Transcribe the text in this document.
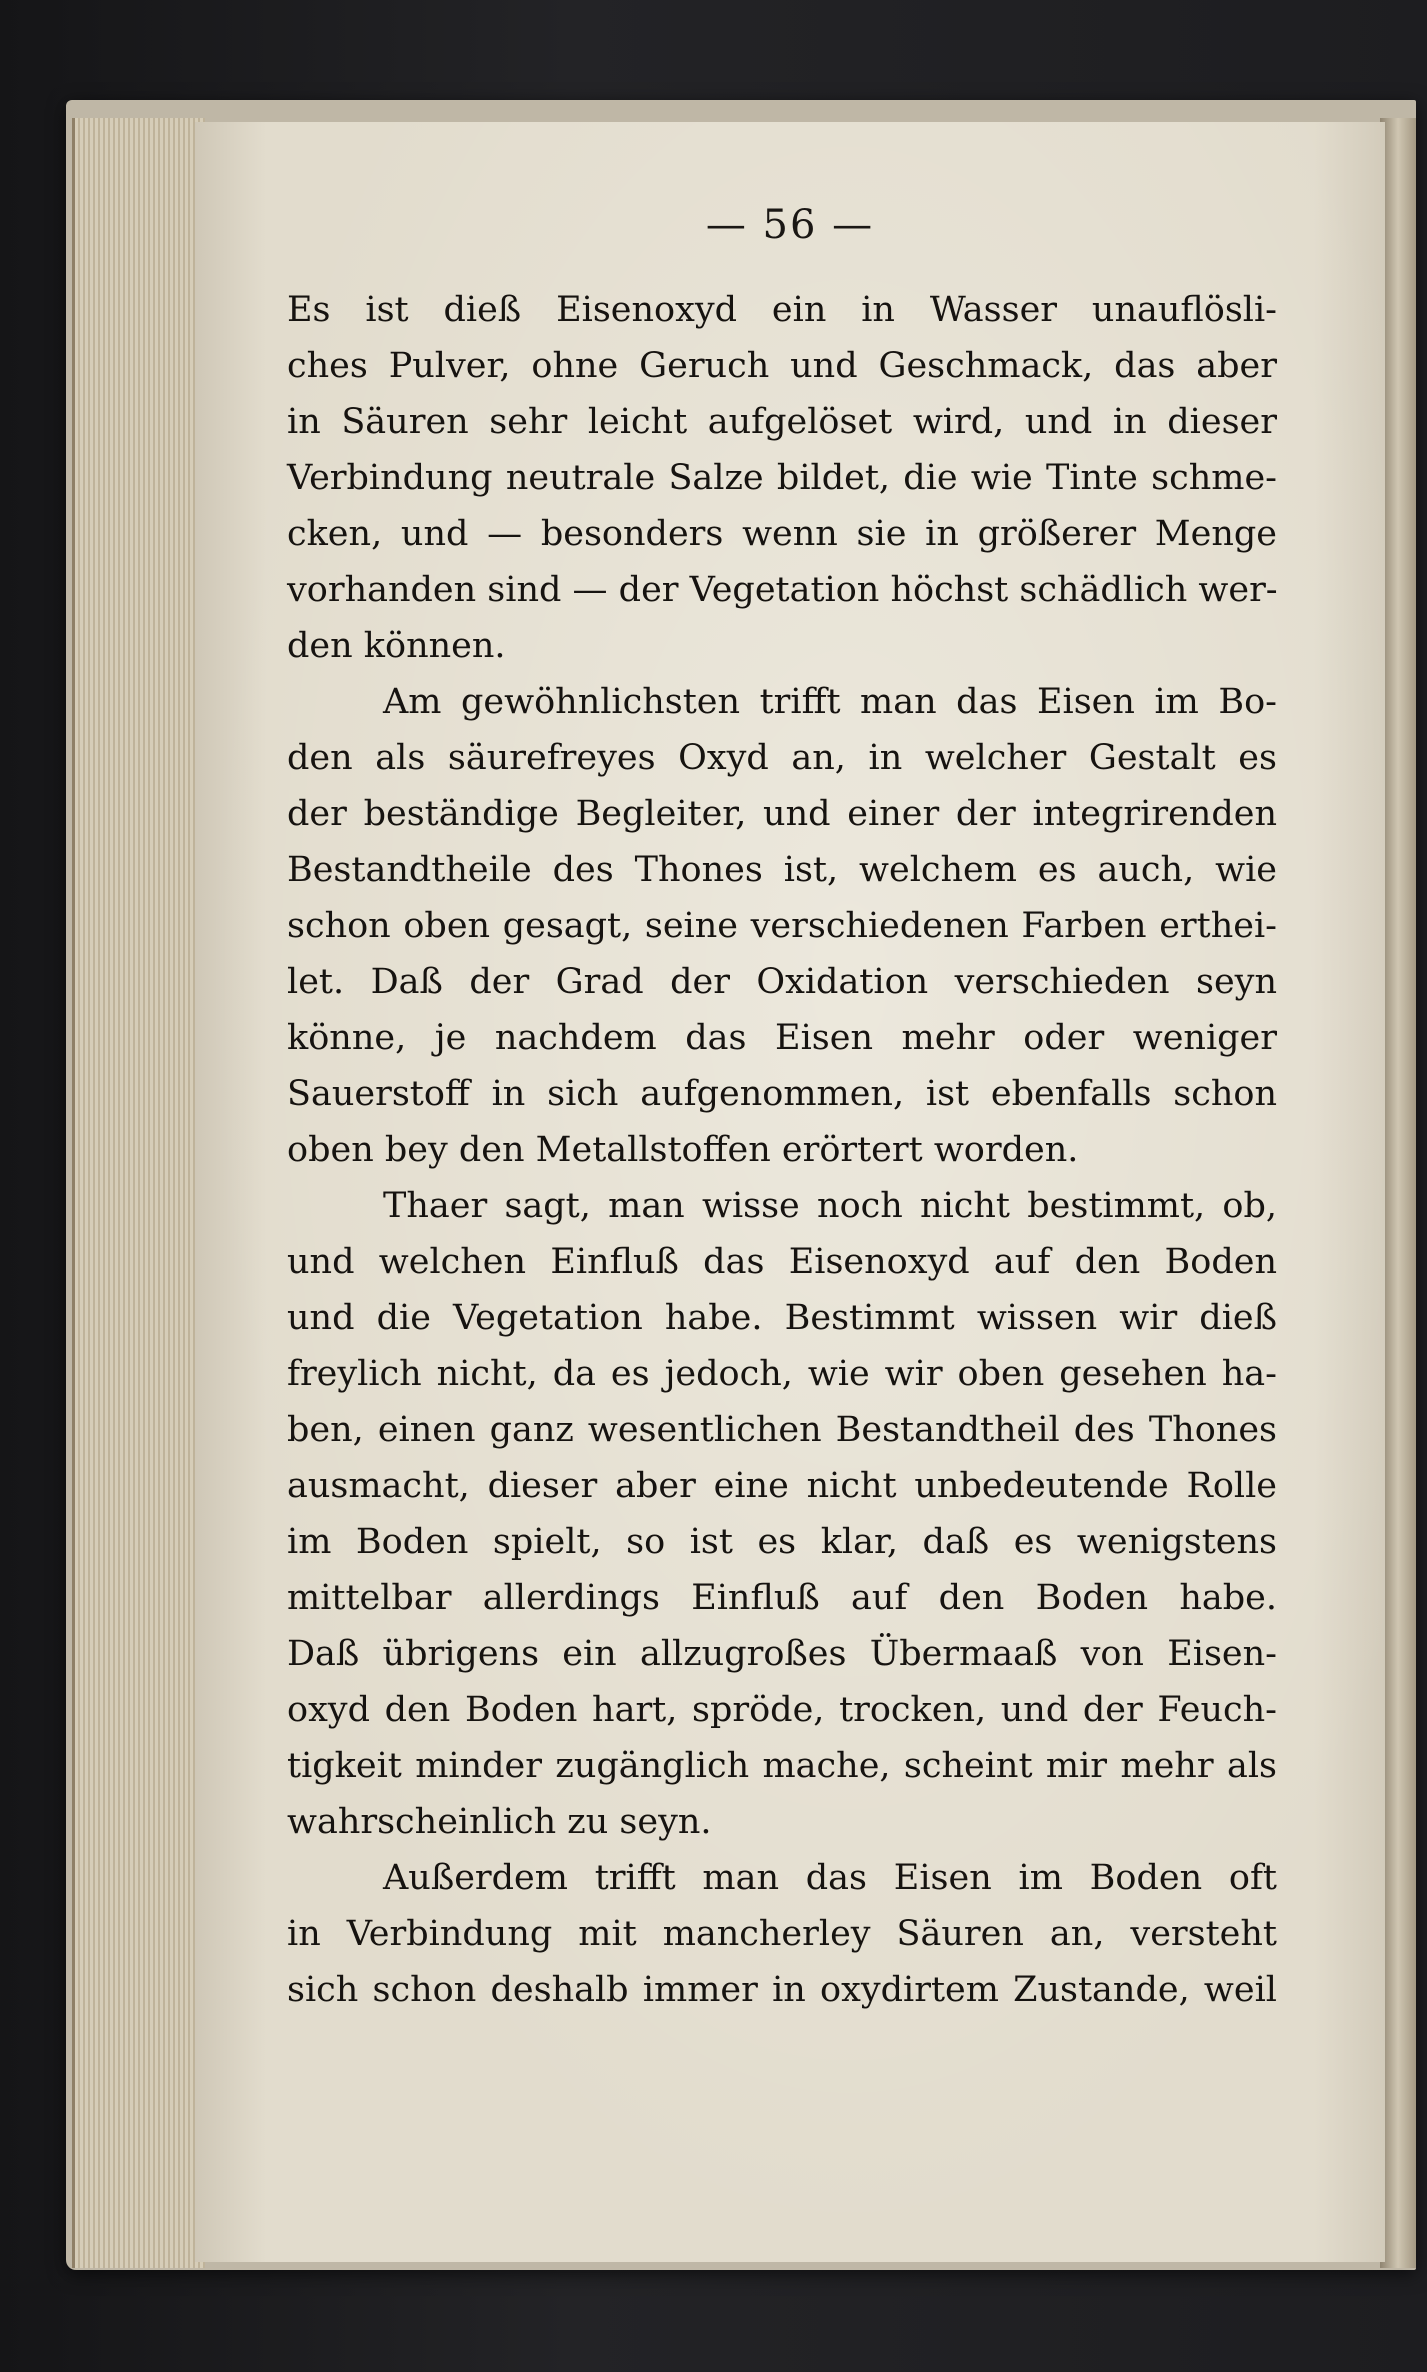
— 56 —
Es ist dieß Eisenoxyd ein in Wasser unauflösli-
ches Pulver, ohne Geruch und Geschmack, das aber
in Säuren sehr leicht aufgelöset wird, und in dieser
Verbindung neutrale Salze bildet, die wie Tinte schme-
cken, und — besonders wenn sie in größerer Menge
vorhanden sind — der Vegetation höchst schädlich wer-
den können.
Am gewöhnlichsten trifft man das Eisen im Bo-
den als säurefreyes Oxyd an, in welcher Gestalt es
der beständige Begleiter, und einer der integrirenden
Bestandtheile des Thones ist, welchem es auch, wie
schon oben gesagt, seine verschiedenen Farben erthei-
let. Daß der Grad der Oxidation verschieden seyn
könne, je nachdem das Eisen mehr oder weniger
Sauerstoff in sich aufgenommen, ist ebenfalls schon
oben bey den Metallstoffen erörtert worden.
Thaer sagt, man wisse noch nicht bestimmt, ob,
und welchen Einfluß das Eisenoxyd auf den Boden
und die Vegetation habe. Bestimmt wissen wir dieß
freylich nicht, da es jedoch, wie wir oben gesehen ha-
ben, einen ganz wesentlichen Bestandtheil des Thones
ausmacht, dieser aber eine nicht unbedeutende Rolle
im Boden spielt, so ist es klar, daß es wenigstens
mittelbar allerdings Einfluß auf den Boden habe.
Daß übrigens ein allzugroßes Übermaaß von Eisen-
oxyd den Boden hart, spröde, trocken, und der Feuch-
tigkeit minder zugänglich mache, scheint mir mehr als
wahrscheinlich zu seyn.
Außerdem trifft man das Eisen im Boden oft
in Verbindung mit mancherley Säuren an, versteht
sich schon deshalb immer in oxydirtem Zustande, weil
